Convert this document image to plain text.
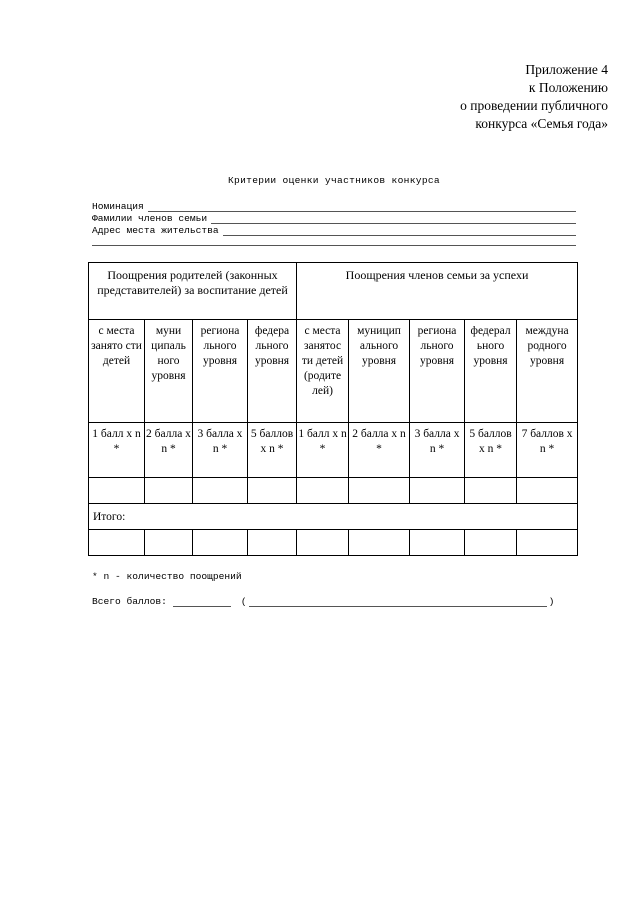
Приложение 4
к Положению
о проведении публичного
конкурса «Семья года»
Критерии оценки участников конкурса
Номинация
Фамилии членов семьи
Адрес места жительства
Поощрения родителей (законных представителей) за воспитание детей				Поощрения членов семьи за успехи				
с места занято сти детей	муни ципаль ного уровня	регионa льного уровня	федера льного уровня	с места занятос ти детей (родите лей)	муницип ального уровня	регионa льного уровня	федерал ьного уровня	междуна родного уровня
1 балл x n *	2 балла x n *	3 балла x n *	5 баллов x n *	1 балл x n *	2 балла x n *	3 балла x n *	5 баллов x n *	7 баллов x n *

Итого:								

* n - количество поощрений
Всего баллов:	(	)
